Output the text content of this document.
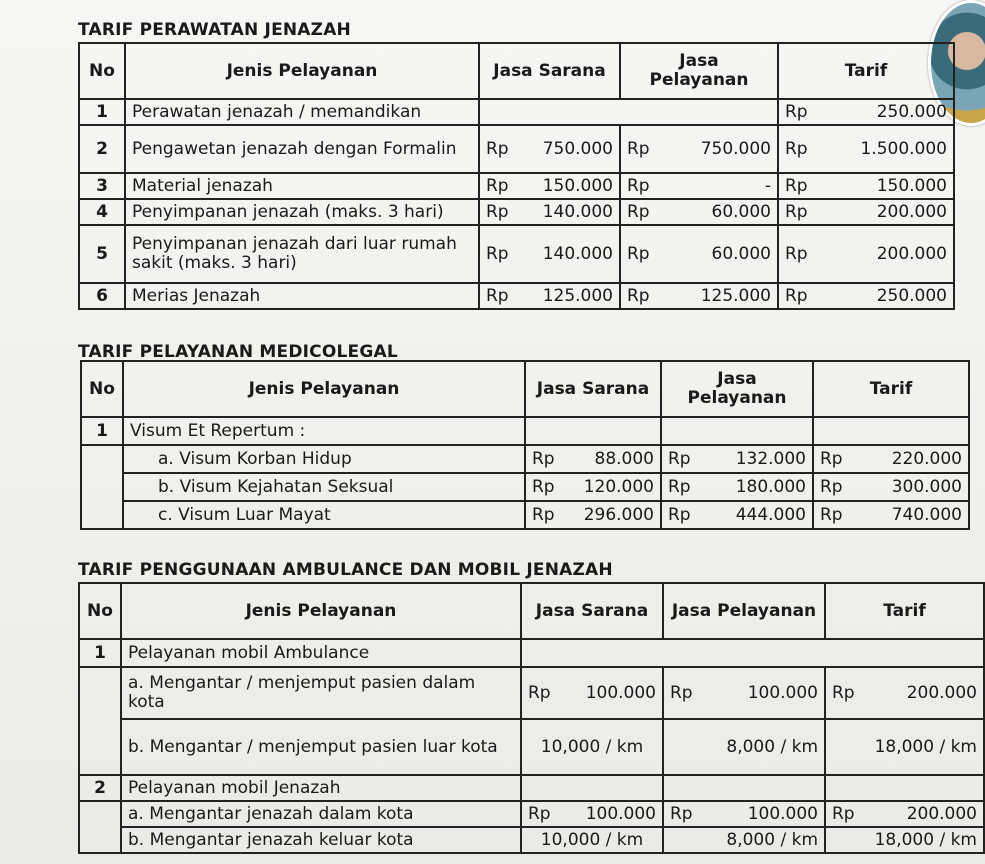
TARIF PERAWATAN JENAZAH
No	Jenis Pelayanan	Jasa Sarana	Jasa Pelayanan	Tarif
1	Perawatan jenazah / memandikan			Rp 250.000

2	Pengawetan jenazah dengan Formalin	Rp 750.000	Rp 750.000	Rp 1.500.000

3	Material jenazah	Rp 150.000	Rp -	Rp 150.000

4	Penyimpanan jenazah (maks. 3 hari)	Rp 140.000	Rp 60.000	Rp 200.000

5	Penyimpanan jenazah dari luar rumah sakit (maks. 3 hari)	Rp 140.000	Rp 60.000	Rp 200.000

6	Merias Jenazah	Rp 125.000	Rp 125.000	Rp 250.000
TARIF PELAYANAN MEDICOLEGAL
No	Jenis Pelayanan	Jasa Sarana	Jasa Pelayanan	Tarif
1	Visum Et Repertum :			
	a. Visum Korban Hidup	Rp 88.000	Rp 132.000	Rp 220.000

	b. Visum Kejahatan Seksual	Rp 120.000	Rp 180.000	Rp 300.000

	c. Visum Luar Mayat	Rp 296.000	Rp 444.000	Rp 740.000
TARIF PENGGUNAAN AMBULANCE DAN MOBIL JENAZAH
No	Jenis Pelayanan	Jasa Sarana	Jasa Pelayanan	Tarif
1	Pelayanan mobil Ambulance			
	a. Mengantar / menjemput pasien dalam kota	Rp 100.000	Rp 100.000	Rp 200.000

	b. Mengantar / menjemput pasien luar kota	10,000 / km	8,000 / km	18,000 / km
2	Pelayanan mobil Jenazah			
	a. Mengantar jenazah dalam kota	Rp 100.000	Rp 100.000	Rp 200.000

	b. Mengantar jenazah keluar kota	10,000 / km	8,000 / km	18,000 / km
